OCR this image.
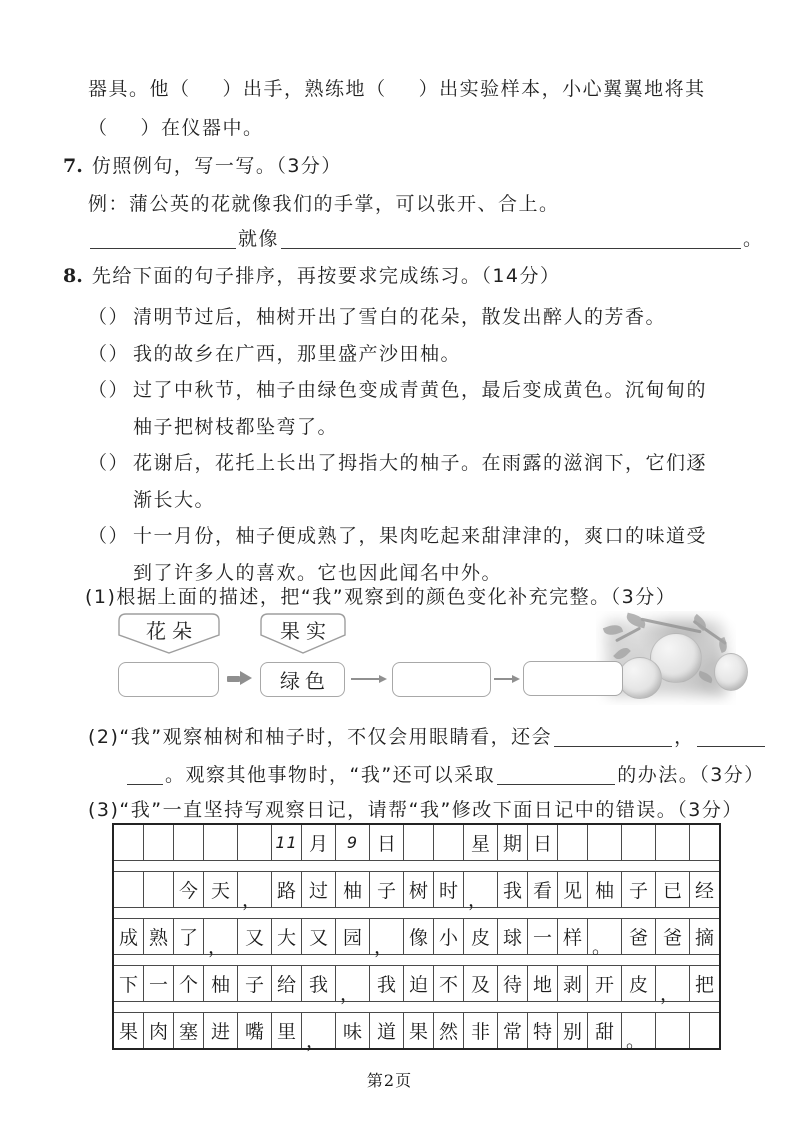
器具。他（ ）出手，熟练地（ ）出实验样本，小心翼翼地将其
（ ）在仪器中。
7. 仿照例句，写一写。（3分）
例：蒲公英的花就像我们的手掌，可以张开、合上。
就像	。
8. 先给下面的句子排序，再按要求完成练习。（14分）
（ ） 清明节过后，柚树开出了雪白的花朵，散发出醉人的芳香。
（ ） 我的故乡在广西，那里盛产沙田柚。
（ ） 过了中秋节，柚子由绿色变成青黄色，最后变成黄色。沉甸甸的柚子把树枝都坠弯了。
（ ） 花谢后，花托上长出了拇指大的柚子。在雨露的滋润下，它们逐渐长大。
（ ） 十一月份，柚子便成熟了，果肉吃起来甜津津的，爽口的味道受到了许多人的喜欢。它也因此闻名中外。
(1)根据上面的描述，把“我”观察到的颜色变化补充完整。（3分）
花朵	果实
绿色
(2)“我”观察柚树和柚子时，不仅会用眼睛看，还会	，
。观察其他事物时，“我”还可以采取	的办法。（3分）
(3)“我”一直坚持写观察日记，请帮“我”修改下面日记中的错误。（3分）
					11	月	9	日			星	期	日					

		今	天	，	路	过	柚	子	树	时	，	我	看	见	柚	子	已	经

成	熟	了	，	又	大	又	园	，	像	小	皮	球	一	样	。	爸	爸	摘

下	一	个	柚	子	给	我	，	我	迫	不	及	待	地	剥	开	皮	，	把

果	肉	塞	进	嘴	里	，	味	道	果	然	非	常	特	别	甜	。		
第2页
